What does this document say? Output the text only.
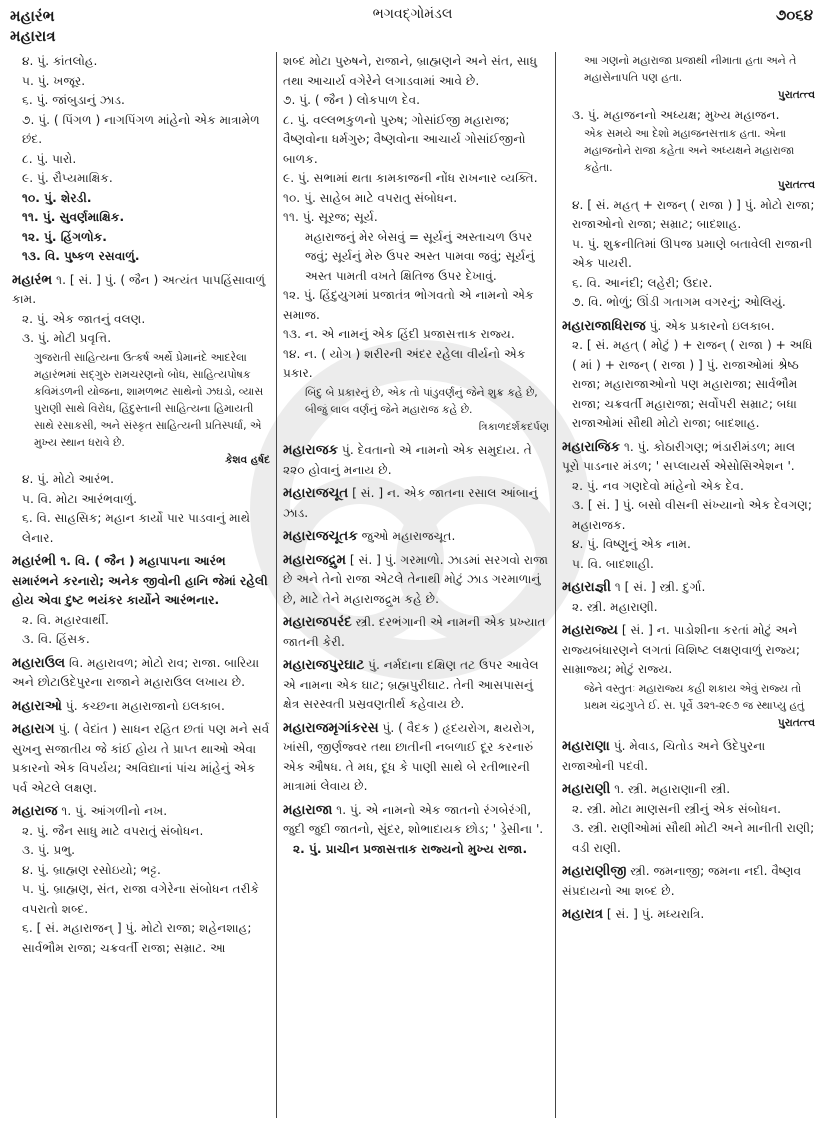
મહારંભ
મહારાત્ર
ભગવદ્ગોમંડલ	૭૦૬૪
૪. પું. કાંતલોહ.
૫. પું. ખજૂર.
૬. પું. જાંબુડાનું ઝાડ.
૭. પું. ( પિંગળ ) નાગપિંગળ માંહેનો એક માત્રામેળ છંદ.
૮. પું. પારો.
૯. પું. રૌપ્યમાક્ષિક.
૧૦. પું. શેરડી.
૧૧. પું. સુવર્ણમાક્ષિક.
૧૨. પું. હિંગળોક.
૧૩. વિ. પુષ્કળ રસવાળું.
મહારંભ ૧. [ સં. ] પું. ( જૈન ) અત્યંત પાપહિંસાવાળું કામ.
૨. પું. એક જાતનું વલણ.
૩. પું. મોટી પ્રવૃત્તિ.
ગુજરાતી સાહિત્યના ઉત્કર્ષ અર્થે પ્રેમાનંદે આદરેલા મહારંભમાં સદ્ગુરુ રામચરણનો બોધ, સાહિત્યપોષક કવિમંડળની યોજના, શામળભટ સાથેનો ઝઘડો, વ્યાસ પુરાણી સાથે વિરોધ, હિંદુસ્તાની સાહિત્યના હિમાયતી સાથે રસાકસી, અને સંસ્કૃત સાહિત્યની પ્રતિસ્પર્ધા, એ મુખ્ય સ્થાન ધરાવે છે.
કેશવ હર્ષદ
૪. પું. મોટો આરંભ.
૫. વિ. મોટા આરંભવાળું.
૬. વિ. સાહસિક; મહાન કાર્યો પાર પાડવાનું માથે લેનાર.
મહારંભી ૧. વિ. ( જૈન ) મહાપાપના આરંભ સમારંભને કરનારો; અનેક જીવોની હાનિ જેમાં રહેલી હોય એવા દુષ્ટ ભયંકર કાર્યોને આરંભનાર.
૨. વિ. મહારવાર્થી.
૩. વિ. હિંસક.
મહારાઉલ વિ. મહારાવળ; મોટો રાવ; રાજા. બારિયા અને છોટાઉદેપુરના રાજાને મહારાઉલ લખાય છે.
મહારાઓ પું. કચ્છના મહારાજાનો ઇલકાબ.
મહારાગ પું. ( વેદાંત ) સાધન રહિત છતાં પણ મને સર્વ સુખનુ સજાતીય જે કાંઈ હોય તે પ્રાપ્ત થાઓ એવા પ્રકારનો એક વિપર્યય; અવિદ્યાનાં પાંચ માંહેનું એક પર્વ એટલે લક્ષણ.
મહારાજ ૧. પું. આંગળીનો નખ.
૨. પું. જૈન સાધુ માટે વપરાતું સંબોધન.
૩. પું. પ્રભુ.
૪. પું. બ્રાહ્મણ રસોઇયો; ભટ્ટ.
૫. પું. બ્રાહ્મણ, સંત, રાજા વગેરેના સંબોધન તરીકે વપરાતો શબ્દ.
૬. [ સં. મહારાજન્ ] પું. મોટો રાજા; શહેનશાહ; સાર્વભૌમ રાજા; ચક્રવર્તી રાજા; સમ્રાટ. આ
શબ્દ મોટા પુરુષને, રાજાને, બ્રાહ્મણને અને સંત, સાધુ તથા આચાર્ય વગેરેને લગાડવામાં આવે છે.
૭. પું. ( જૈન ) લોકપાળ દેવ.
૮. પું. વલ્લભકુળનો પુરુષ; ગોસાંઈજી મહારાજ; વૈષ્ણવોના ધર્મગુરુ; વૈષ્ણવોના આચાર્ય ગોસાંઈજીનો બાળક.
૯. પું. સભામાં થતા કામકાજની નોંધ રાખનાર વ્યક્તિ.
૧૦. પું. સાહેબ માટે વપરાતુ સંબોધન.
૧૧. પું. સૂરજ; સૂર્ય.
મહારાજનું મેર બેસવું = સૂર્યનું અસ્તાચળ ઉપર જવું; સૂર્યનું મેરુ ઉપર અસ્ત પામવા જવું; સૂર્યનું અસ્ત પામતી વખતે ક્ષિતિજ ઉપર દેખાવું.
૧૨. પું. હિંદુયુગમાં પ્રજાતંત્ર ભોગવતો એ નામનો એક સમાજ.
૧૩. ન. એ નામનું એક હિંદી પ્રજાસત્તાક રાજ્ય.
૧૪. ન. ( યોગ ) શરીરની અંદર રહેલા વીર્યનો એક પ્રકાર.
બિંદુ બે પ્રકારનું છે, એક તો પાંડુવર્ણનું જેને શુક્ર કહે છે, બીજું લાલ વર્ણનું જેને મહારાજ કહે છે.
ત્રિકાળદર્શકદર્પણ
મહારાજક પું. દેવતાનો એ નામનો એક સમુદાય. તે ૨૨૦ હોવાનું મનાય છે.
મહારાજચૂત [ સં. ] ન. એક જાતના રસાલ આંબાનું ઝાડ.
મહારાજચૂતક જુઓ મહારાજચૂત.
મહારાજદ્રુમ [ સં. ] પું. ગરમાળો. ઝાડમાં સરગવો રાજા છે અને તેનો રાજા એટલે તેનાથી મોટું ઝાડ ગરમાળાનું છે, માટે તેને મહારાજદ્રુમ કહે છે.
મહારાજપરંદ સ્ત્રી. દરભંગાની એ નામની એક પ્રખ્યાત જાતની કેરી.
મહારાજપુરઘાટ પું. નર્મદાના દક્ષિણ તટ ઉપર આવેલ એ નામના એક ઘાટ; બ્રહ્મપુરીઘાટ. તેની આસપાસનું ક્ષેત્ર સરસ્વતી પ્રસ્રવણતીર્થ કહેવાય છે.
મહારાજમૃગાંકરસ પું. ( વૈદક ) હૃદયરોગ, ક્ષયરોગ, ખાંસી, જીર્ણજ્વર તથા છાતીની નબળાઈ દૂર કરનારું એક ઔષધ. તે મધ, દૂધ કે પાણી સાથે બે રતીભારની માત્રામાં લેવાય છે.
મહારાજા ૧. પું. એ નામનો એક જાતનો રંગબેરંગી, જુદી જુદી જાતનો, સુંદર, શોભાદાયક છોડ; ' ડ્રેસીના '.
૨. પું. પ્રાચીન પ્રજાસત્તાક રાજ્યનો મુખ્ય રાજા.
આ ગણનો મહારાજા પ્રજાથી નીમાતા હતા અને તે મહાસેનાપતિ પણ હતા.
પુરાતત્ત્વ
૩. પું. મહાજનનો અધ્યક્ષ; મુખ્ય મહાજન.
એક સમયે આ દેશો મહાજનસત્તાક હતા. એના મહાજનોને રાજા કહેતા અને અધ્યક્ષને મહારાજા કહેતા.
પુરાતત્ત્વ
૪. [ સં. મહત્ + રાજન્ ( રાજા ) ] પું. મોટો રાજા; રાજાઓનો રાજા; સમ્રાટ; બાદશાહ.
૫. પું. શુક્રનીતિમાં ઊપજ પ્રમાણે બતાવેલી રાજાની એક પાયરી.
૬. વિ. આનંદી; લહેરી; ઉદાર.
૭. વિ. ભોળું; ઊંડી ગતાગમ વગરનું; ઓલિયું.
મહારાજાધિરાજ પું. એક પ્રકારનો ઇલકાબ.
૨. [ સં. મહત્ ( મોટું ) + રાજન્ ( રાજા ) + અધિ ( માં ) + રાજન્ ( રાજા ) ] પું. રાજાઓમાં શ્રેષ્ઠ રાજા; મહારાજાઓનો પણ મહારાજા; સાર્વભૌમ રાજા; ચક્રવર્તી મહારાજા; સર્વોપરી સમ્રાટ; બધા રાજાઓમાં સૌથી મોટો રાજા; બાદશાહ.
મહારાજિક ૧. પું. કોઠારીગણ; ભંડારીમંડળ; માલ પૂરો પાડનાર મંડળ; ' સપ્લાયર્સ એસોસિએશન '.
૨. પું. નવ ગણદેવો માંહેનો એક દેવ.
૩. [ સં. ] પું. બસો વીસની સંખ્યાનો એક દેવગણ; મહારાજક.
૪. પું. વિષ્ણુનું એક નામ.
૫. વિ. બાદશાહી.
મહારાજ્ઞી ૧ [ સં. ] સ્ત્રી. દુર્ગા.
૨. સ્ત્રી. મહારાણી.
મહારાજ્ય [ સં. ] ન. પાડોશીના કરતાં મોટું અને રાજ્યબંધારણને લગતાં વિશિષ્ટ લક્ષણવાળું રાજ્ય; સામ્રાજ્ય; મોટું રાજ્ય.
જેને વસ્તુતઃ મહારાજ્ય કહી શકાય એવું રાજ્ય તો પ્રથમ ચંદ્રગુપ્તે ઈ. સ. પૂર્વે ૩૨૧-૨૯૭ જ સ્થાપ્યુ હતું
પુરાતત્ત્વ
મહારાણા પું. મેવાડ, ચિતોડ અને ઉદેપુરના રાજાઓની પદવી.
મહારાણી ૧. સ્ત્રી. મહારાણાની સ્ત્રી.
૨. સ્ત્રી. મોટા માણસની સ્ત્રીનું એક સંબોધન.
૩. સ્ત્રી. રાણીઓમાં સૌથી મોટી અને માનીતી રાણી; વડી રાણી.
મહારાણીજી સ્ત્રી. જમનાજી; જમના નદી. વૈષ્ણવ સંપ્રદાયનો આ શબ્દ છે.
મહારાત્ર [ સં. ] પું. મધ્યરાત્રિ.
